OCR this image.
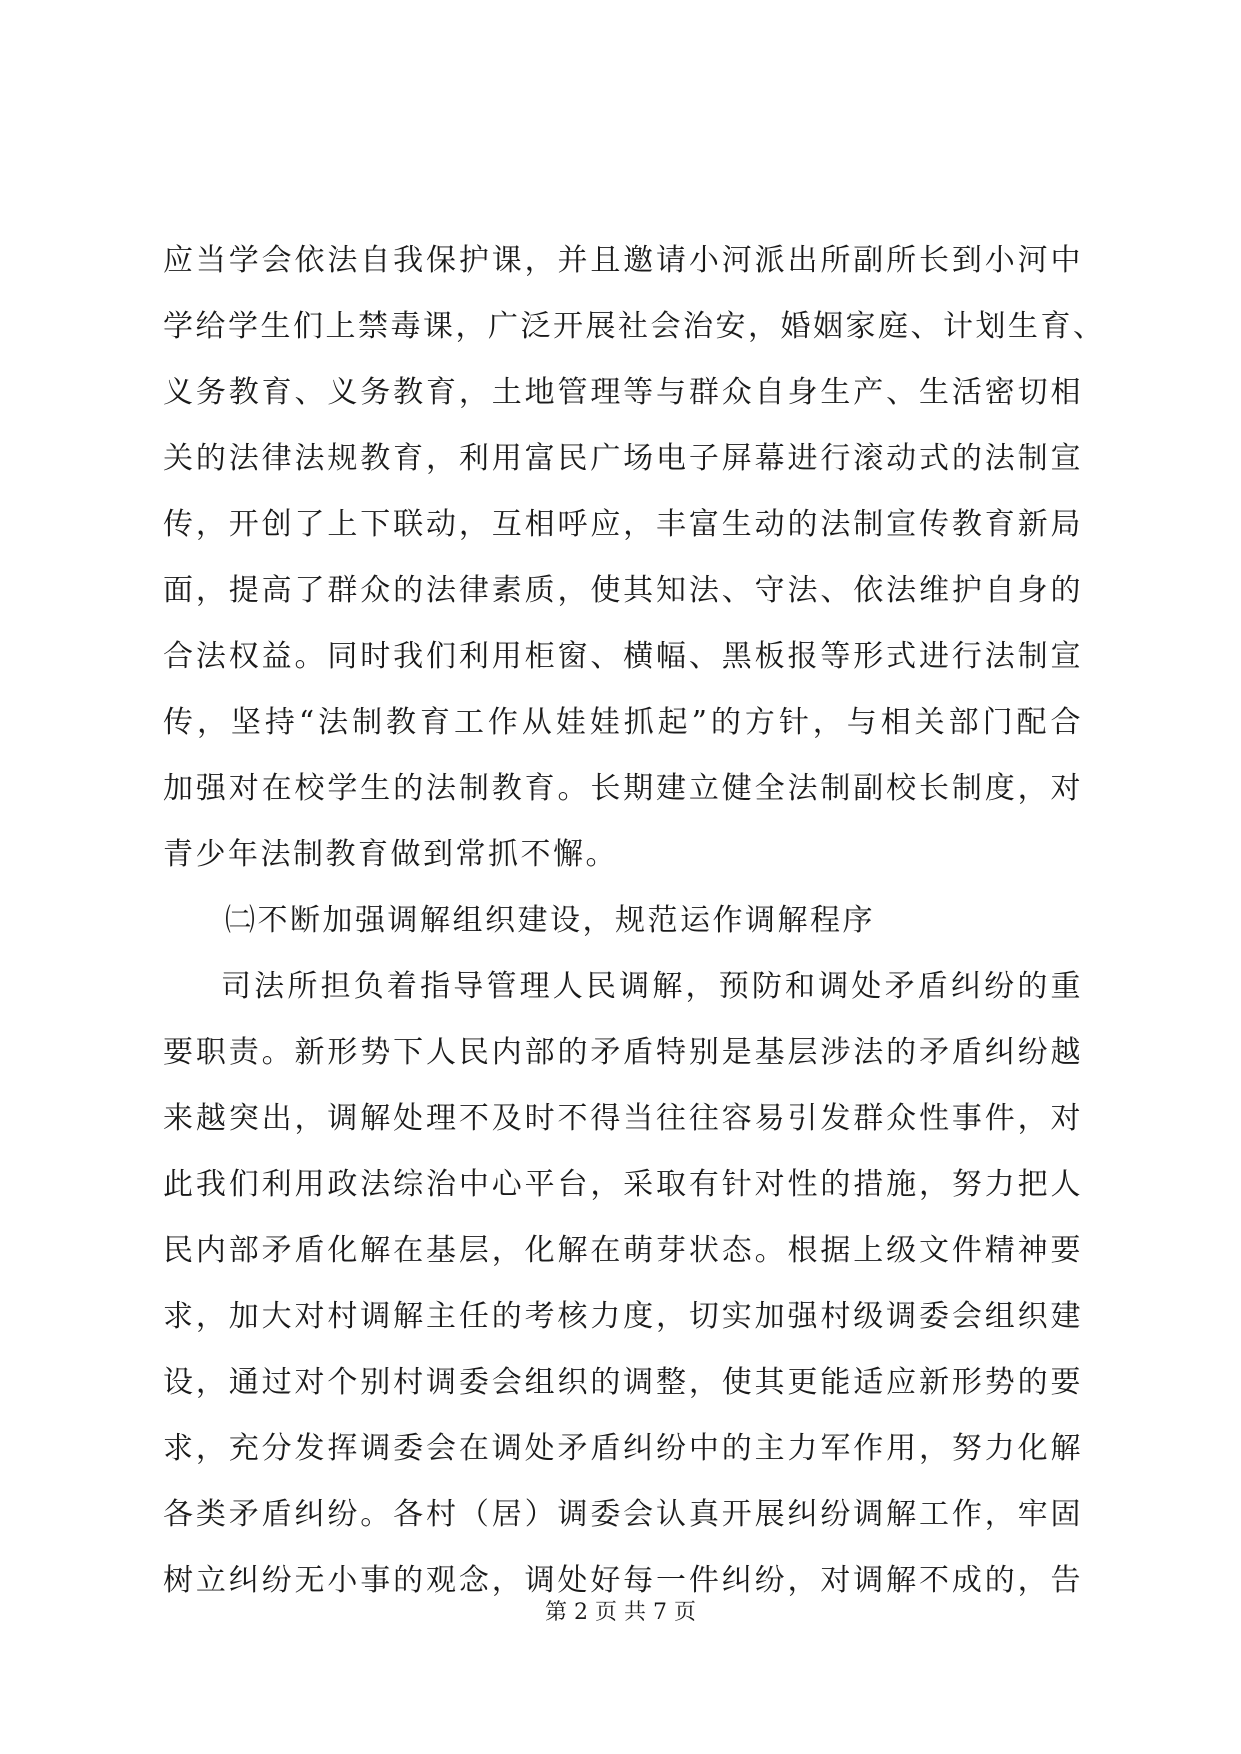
应当学会依法自我保护课，并且邀请小河派出所副所长到小河中
学给学生们上禁毒课，广泛开展社会治安，婚姻家庭、计划生育、
义务教育、义务教育，土地管理等与群众自身生产、生活密切相
关的法律法规教育，利用富民广场电子屏幕进行滚动式的法制宣
传，开创了上下联动，互相呼应，丰富生动的法制宣传教育新局
面，提高了群众的法律素质，使其知法、守法、依法维护自身的
合法权益。同时我们利用柜窗、横幅、黑板报等形式进行法制宣
传，坚持“法制教育工作从娃娃抓起”的方针，与相关部门配合
加强对在校学生的法制教育。长期建立健全法制副校长制度，对
青少年法制教育做到常抓不懈。
㈡不断加强调解组织建设，规范运作调解程序
司法所担负着指导管理人民调解，预防和调处矛盾纠纷的重
要职责。新形势下人民内部的矛盾特别是基层涉法的矛盾纠纷越
来越突出，调解处理不及时不得当往往容易引发群众性事件，对
此我们利用政法综治中心平台，采取有针对性的措施，努力把人
民内部矛盾化解在基层，化解在萌芽状态。根据上级文件精神要
求，加大对村调解主任的考核力度，切实加强村级调委会组织建
设，通过对个别村调委会组织的调整，使其更能适应新形势的要
求，充分发挥调委会在调处矛盾纠纷中的主力军作用，努力化解
各类矛盾纠纷。各村（居）调委会认真开展纠纷调解工作，牢固
树立纠纷无小事的观念，调处好每一件纠纷，对调解不成的，告
第 2 页 共 7 页
